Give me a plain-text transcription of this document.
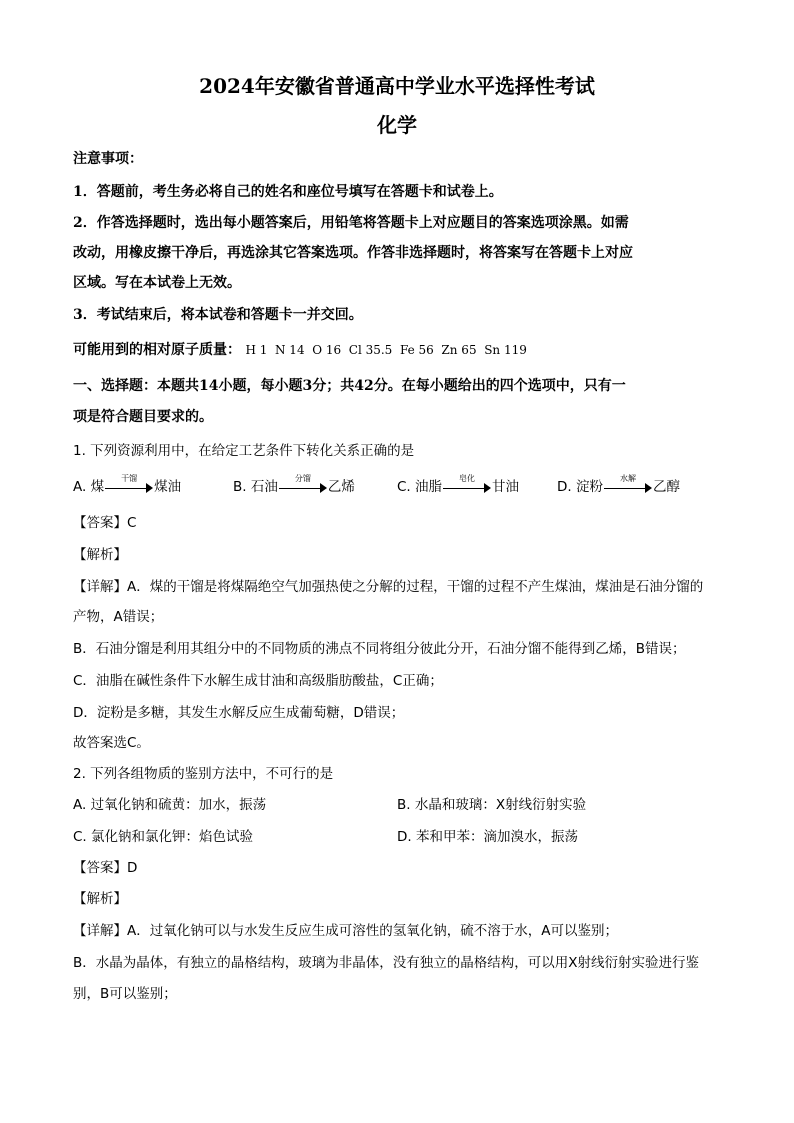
2024年安徽省普通高中学业水平选择性考试
化学
注意事项：
1．答题前，考生务必将自己的姓名和座位号填写在答题卡和试卷上。
2．作答选择题时，选出每小题答案后，用铅笔将答题卡上对应题目的答案选项涂黑。如需
改动，用橡皮擦干净后，再选涂其它答案选项。作答非选择题时，将答案写在答题卡上对应
区域。写在本试卷上无效。
3．考试结束后，将本试卷和答题卡一并交回。
可能用到的相对原子质量： H 1  N 14  O 16  Cl 35.5  Fe 56  Zn 65  Sn 119
一、选择题：本题共14小题，每小题3分；共42分。在每小题给出的四个选项中，只有一
项是符合题目要求的。
1. 下列资源利用中，在给定工艺条件下转化关系正确的是
A. 煤
干馏
煤油	B. 石油
分馏
乙烯	C. 油脂
皂化
甘油	D. 淀粉
水解
乙醇
【答案】C
【解析】
【详解】A．煤的干馏是将煤隔绝空气加强热使之分解的过程，干馏的过程不产生煤油，煤油是石油分馏的
产物，A错误；
B．石油分馏是利用其组分中的不同物质的沸点不同将组分彼此分开，石油分馏不能得到乙烯，B错误；
C．油脂在碱性条件下水解生成甘油和高级脂肪酸盐，C正确；
D．淀粉是多糖，其发生水解反应生成葡萄糖，D错误；
故答案选C。
2. 下列各组物质的鉴别方法中，不可行的是
A. 过氧化钠和硫黄：加水，振荡	B. 水晶和玻璃：X射线衍射实验
C. 氯化钠和氯化钾：焰色试验	D. 苯和甲苯：滴加溴水，振荡
【答案】D
【解析】
【详解】A．过氧化钠可以与水发生反应生成可溶性的氢氧化钠，硫不溶于水，A可以鉴别；
B．水晶为晶体，有独立的晶格结构，玻璃为非晶体，没有独立的晶格结构，可以用X射线衍射实验进行鉴
别，B可以鉴别；
